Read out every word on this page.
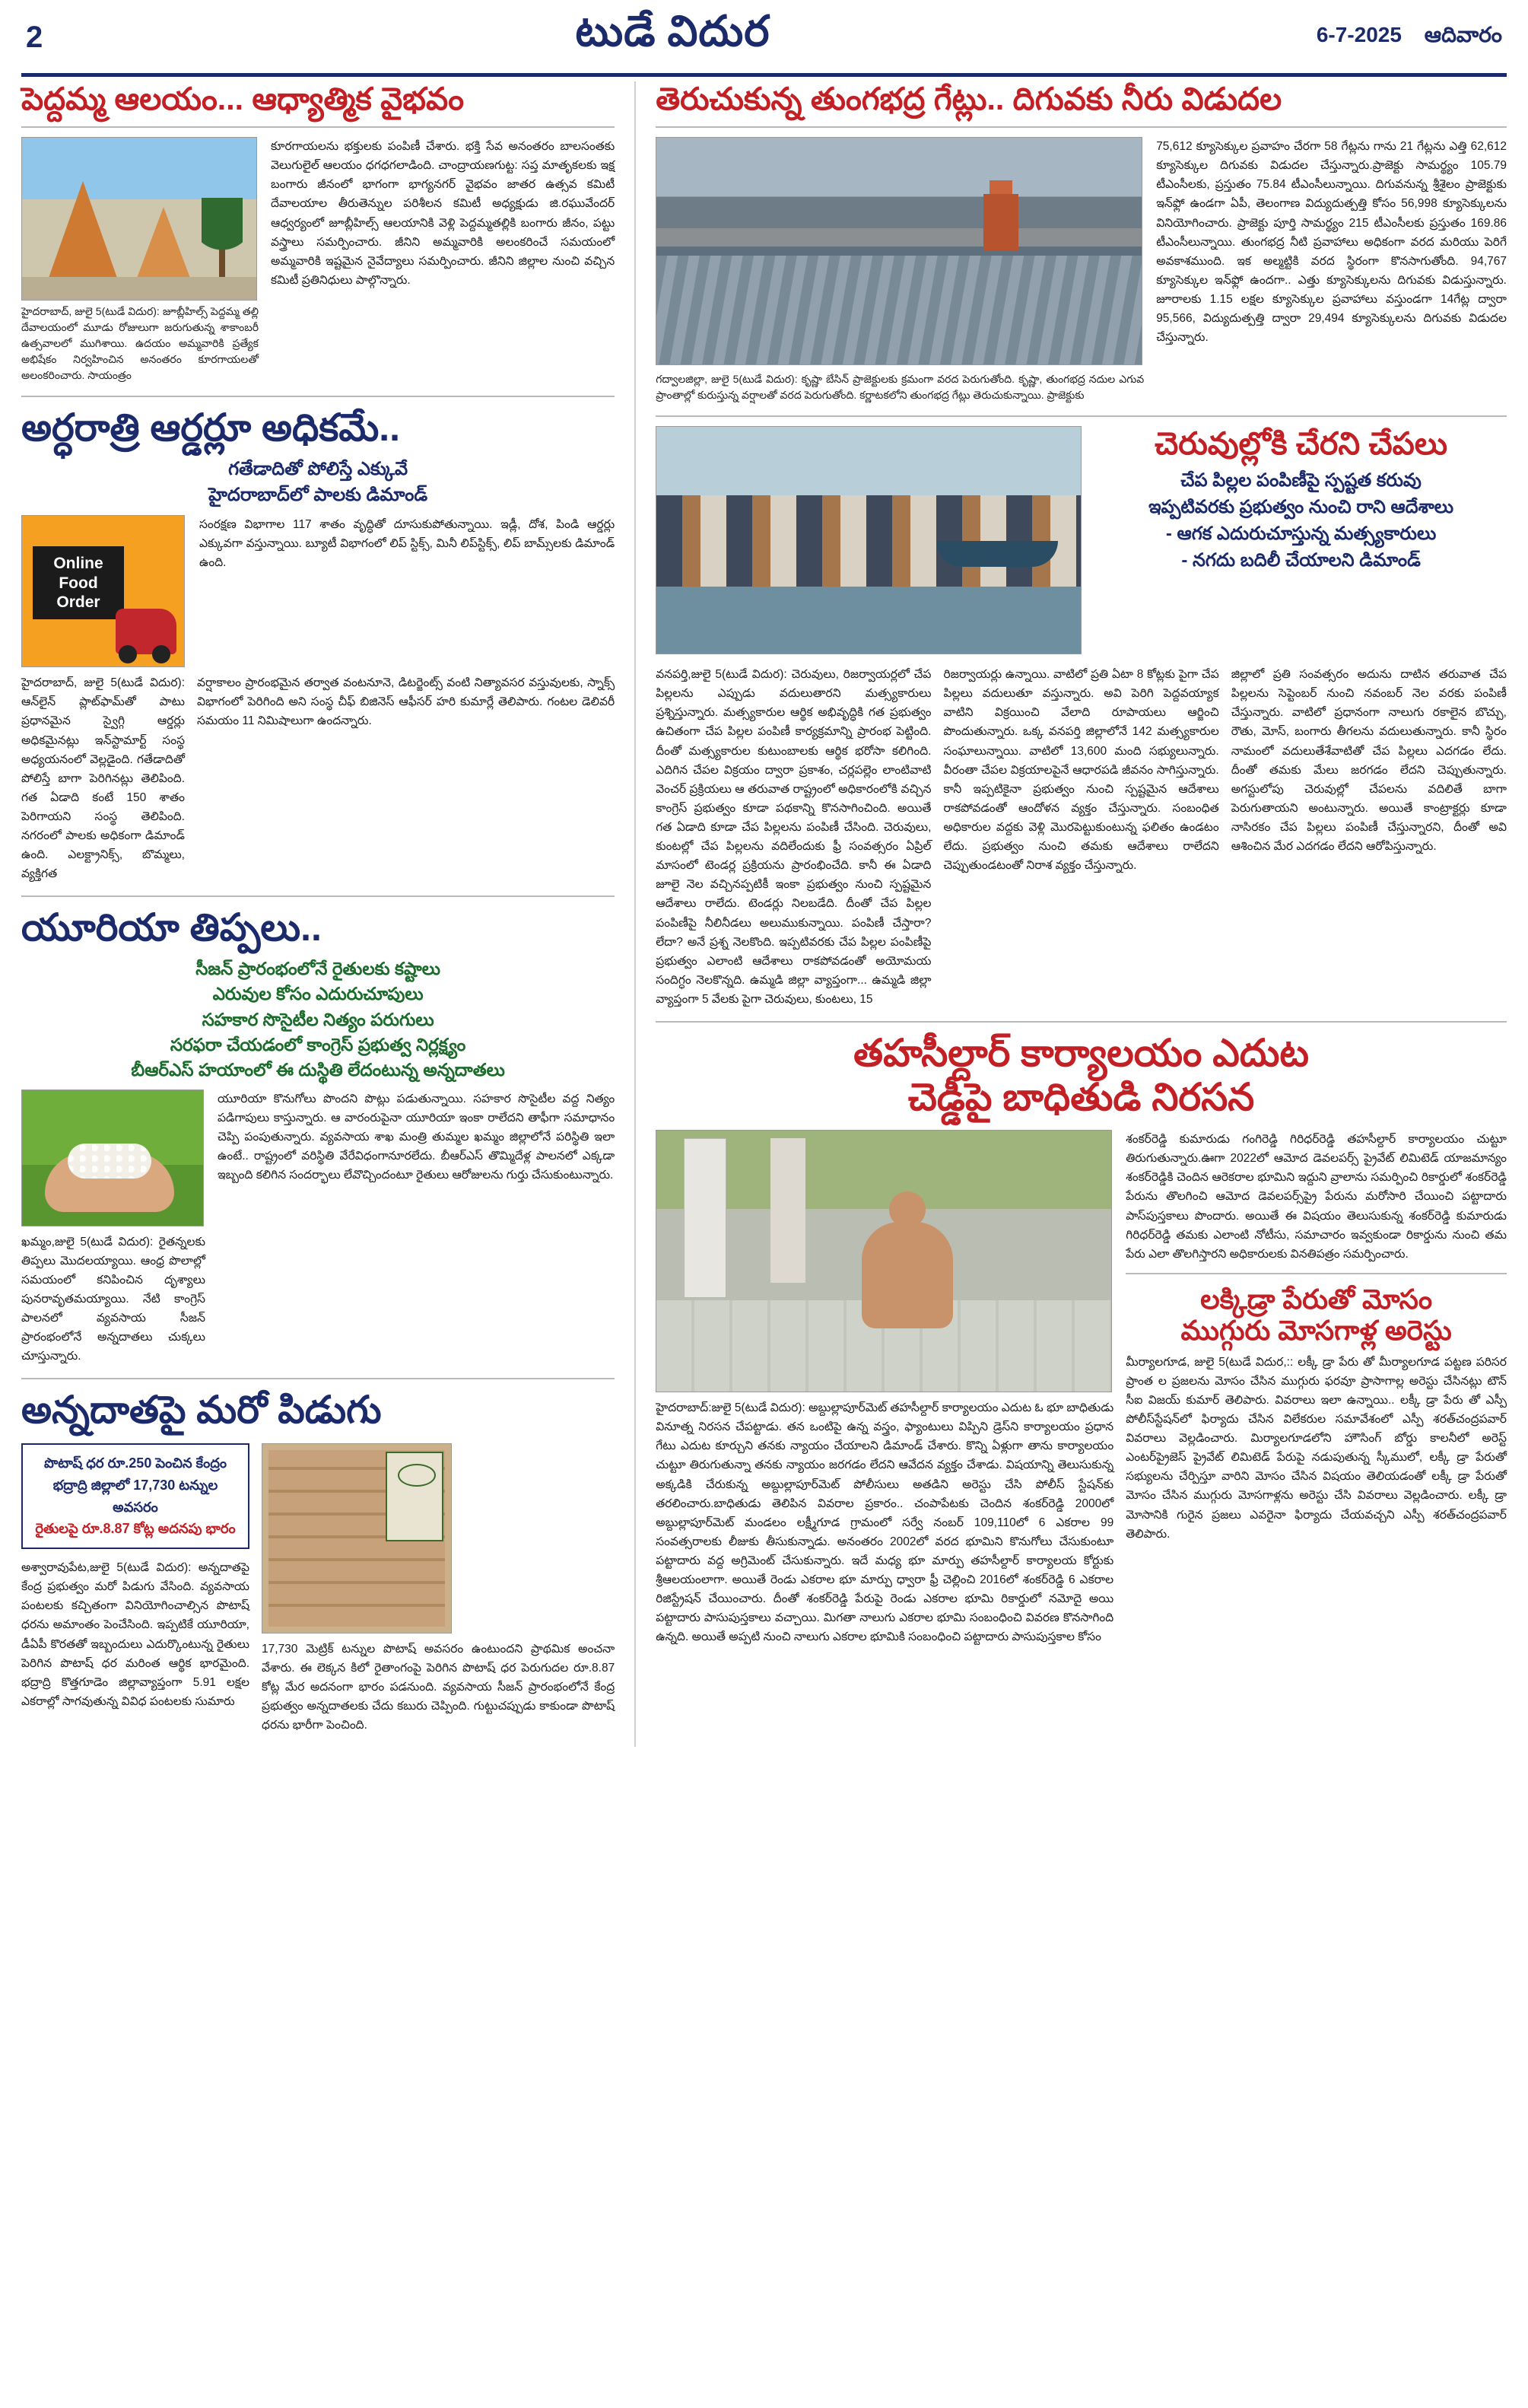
2	టుడే విదుర	6-7-2025 ఆదివారం
పెద్దమ్మ ఆలయం... ఆధ్యాత్మిక వైభవం
హైదరాబాద్, జులై 5(టుడే విదుర): జూబ్లీహిల్స్ పెద్దమ్మ తల్లి దేవాలయంలో మూడు రోజులుగా జరుగుతున్న శాకాంబరీ ఉత్సవాలలో ముగిశాయి. ఉదయం అమ్మవారికి ప్రత్యేక అభిషేకం నిర్వహించిన అనంతరం కూరగాయలతో అలంకరించారు. సాయంత్రం
కూరగాయలను భక్తులకు పంపిణీ చేశారు. భక్తి సేవ అనంతరం బాలసంతకు వెలుగులైల్ ఆలయం ధగధగలాడింది. చాంద్రాయణగుట్ట: సప్త మాతృకలకు ఇక్ష బంగారు జీనంలో భాగంగా భాగ్యనగర్ వైభవం జాతర ఉత్సవ కమిటీ దేవాలయాల తీరుతెన్నుల పరిశీలన కమిటీ అధ్యక్షుడు జి.రఘువేందర్ ఆధ్వర్యంలో జూబ్లీహిల్స్ ఆలయానికి వెళ్లి పెద్దమ్మతల్లికి బంగారు జీనం, పట్టు వస్త్రాలు సమర్పించారు. జీనిని అమ్మవారికి అలంకరించే సమయంలో అమ్మవారికి ఇష్టమైన నైవేద్యాలు సమర్పించారు. జీనిని జిల్లాల నుంచి వచ్చిన కమిటీ ప్రతినిధులు పాల్గొన్నారు.
అర్ధరాత్రి ఆర్డర్లూ అధికమే..
గతేడాదితో పోలిస్తే ఎక్కువే
హైదరాబాద్‌లో పాలకు డిమాండ్
Online Food Order
సంరక్షణ విభాగాల 117 శాతం వృద్ధితో దూసుకుపోతున్నాయి. ఇడ్లీ, దోశ, పిండి ఆర్డర్లు ఎక్కువగా వస్తున్నాయి. బ్యూటీ విభాగంలో లిప్ స్టిక్స్, మినీ లిప్‌స్టిక్స్, లిప్ బామ్స్‌లకు డిమాండ్ ఉంది.
హైదరాబాద్, జులై 5(టుడే విదుర): ఆన్‌లైన్ ప్లాట్‌ఫామ్‌తో పాటు ప్రధానమైన స్వైగ్గి ఆర్డర్లు అధికమైనట్లు ఇన్‌స్టామార్ట్ సంస్థ అధ్యయనంలో వెల్లడైంది. గతేడాదితో పోలిస్తే బాగా పెరిగినట్లు తెలిపింది. గత ఏడాది కంటే 150 శాతం పెరిగాయని సంస్థ తెలిపింది. నగరంలో పాలకు అధికంగా డిమాండ్ ఉంది. ఎలక్ట్రానిక్స్, బొమ్మలు, వ్యక్తిగత
వర్షాకాలం ప్రారంభమైన తర్వాత వంటనూనె, డిటర్జెంట్స్ వంటి నిత్యావసర వస్తువులకు, స్నాక్స్ విభాగంలో పెరిగింది అని సంస్థ చీఫ్ బిజినెస్ ఆఫీసర్ హరి కుమార్లే తెలిపారు. గంటల డెలివరీ సమయం 11 నిమిషాలుగా ఉందన్నారు.
యూరియా తిప్పలు..
సీజన్ ప్రారంభంలోనే రైతులకు కష్టాలు
ఎరువుల కోసం ఎదురుచూపులు
సహకార సొసైటీల నిత్యం పరుగులు
సరఫరా చేయడంలో కాంగ్రెస్ ప్రభుత్వ నిర్లక్ష్యం
బీఆర్ఎస్ హయాంలో ఈ దుస్థితి లేదంటున్న అన్నదాతలు
ఖమ్మం,జులై 5(టుడే విదుర): రైతన్నలకు తిప్పలు మొదలయ్యాయి. ఆంధ్ర పొలాల్లో సమయంలో కనిపించిన దృశ్యాలు పునరావృతమయ్యాయి. నేటి కాంగ్రెస్ పాలనలో వ్యవసాయ సీజన్ ప్రారంభంలోనే అన్నదాతలు చుక్కలు చూస్తున్నారు.
యూరియా కొనుగోలు పొందని పొట్లు పడుతున్నాయి. సహకార సొసైటీల వద్ద నిత్యం పడిగాపులు కాస్తున్నారు. ఆ వారంరుపైనా యూరియా ఇంకా రాలేదని తాఫీగా సమాధానం చెప్పి పంపుతున్నారు. వ్యవసాయ శాఖ మంత్రి తుమ్మల ఖమ్మం జిల్లాలోనే పరిస్థితి ఇలా ఉంటే.. రాష్ట్రంలో వరిస్థితి వేరేవిధంగానూరలేదు. బీఆర్ఎస్ తొమ్మిదేళ్ల పాలనలో ఎక్కడా ఇబ్బంది కలిగిన సందర్భాలు లేవొచ్చిందంటూ రైతులు ఆరోజులను గుర్తు చేసుకుంటున్నారు.
అన్నదాతపై మరో పిడుగు
పొటాష్ ధర రూ.250 పెంచిన కేంద్రం
భద్రాద్రి జిల్లాలో 17,730 టన్నుల అవసరం
రైతులపై రూ.8.87 కోట్ల అదనపు భారం
అశ్వారావుపేట,జులై 5(టుడే విదుర): అన్నదాతపై కేంద్ర ప్రభుత్వం మరో పిడుగు వేసింది. వ్యవసాయ పంటలకు కచ్చితంగా వినియోగించాల్సిన పొటాష్ ధరను అమాంతం పెంచేసింది. ఇప్పటికే యూరియా, డీఏపీ కొరతతో ఇబ్బందులు ఎదుర్కొంటున్న రైతులు పెరిగిన పొటాష్ ధర మరింత ఆర్థిక భారమైంది. భద్రాద్రి కొత్తగూడెం జిల్లావ్యాప్తంగా 5.91 లక్షల ఎకరాల్లో సాగవుతున్న వివిధ పంటలకు సుమారు
17,730 మెట్రిక్ టన్నుల పొటాష్ అవసరం ఉంటుందని ప్రాథమిక అంచనా వేశారు. ఈ లెక్కన కిలో రైతాంగంపై పెరిగిన పొటాష్ ధర పెరుగుదల రూ.8.87 కోట్ల మేర అదనంగా భారం పడనుంది. వ్యవసాయ సీజన్ ప్రారంభంలోనే కేంద్ర ప్రభుత్వం అన్నదాతలకు చేదు కబురు చెప్పింది. గుట్టుచప్పుడు కాకుండా పొటాష్ ధరను భారీగా పెంచింది.
తెరుచుకున్న తుంగభద్ర గేట్లు.. దిగువకు నీరు విడుదల
గద్వాలజిల్లా, జులై 5(టుడే విదుర): కృష్ణా బేసిన్ ప్రాజెక్టులకు క్రమంగా వరద పెరుగుతోంది. కృష్ణా, తుంగభద్ర నదుల ఎగువ ప్రాంతాల్లో కురుస్తున్న వర్షాలతో వరద పెరుగుతోంది. కర్ణాటకలోని తుంగభద్ర గేట్లు తెరుచుకున్నాయి. ప్రాజెక్టుకు
75,612 క్యూసెక్కుల ప్రవాహం చేరగా 58 గేట్లను గాను 21 గేట్లను ఎత్తి 62,612 క్యూసెక్కుల దిగువకు విడుదల చేస్తున్నారు.ప్రాజెక్టు సామర్థ్యం 105.79 టీఎంసీలకు, ప్రస్తుతం 75.84 టీఎంసీలున్నాయి. దిగువనున్న శ్రీశైలం ప్రాజెక్టుకు ఇన్‌ఫ్లో ఉండగా ఏపీ, తెలంగాణ విద్యుదుత్పత్తి కోసం 56,998 క్యూసెక్కులను వినియోగించారు. ప్రాజెక్టు పూర్తి సామర్థ్యం 215 టీఎంసీలకు ప్రస్తుతం 169.86 టీఎంసీలున్నాయి. తుంగభద్ర నీటి ప్రవాహాలు అధికంగా వరద మరియు పెరిగే అవకాశముంది. ఇక అల్మట్టికి వరద స్థిరంగా కొనసాగుతోంది. 94,767 క్యూసెక్కుల ఇన్‌ఫ్లో ఉందగా.. ఎత్తు క్యూసెక్కులను దిగువకు విడుస్తున్నారు. జూరాలకు 1.15 లక్షల క్యూసెక్కుల ప్రవాహాలు వస్తుండగా 14గేట్ల ద్వారా 95,566, విద్యుదుత్పత్తి ద్వారా 29,494 క్యూసెక్కులను దిగువకు విడుదల చేస్తున్నారు.
చెరువుల్లోకి చేరని చేపలు
చేప పిల్లల పంపిణీపై స్పష్టత కరువు
ఇప్పటివరకు ప్రభుత్వం నుంచి రాని ఆదేశాలు
- ఆగక ఎదురుచూస్తున్న మత్స్యకారులు
- నగదు బదిలీ చేయాలని డిమాండ్
వనపర్తి,జులై 5(టుడే విదుర): చెరువులు, రిజర్వాయర్లలో చేప పిల్లలను ఎప్పుడు వదులుతారని మత్స్యకారులు ప్రశ్నిస్తున్నారు. మత్స్యకారుల ఆర్థిక అభివృద్ధికి గత ప్రభుత్వం ఉచితంగా చేప పిల్లల పంపిణీ కార్యక్రమాన్ని ప్రారంభ పెట్టింది. దీంతో మత్స్యకారుల కుటుంబాలకు ఆర్థిక భరోసా కలిగింది. ఎదిగిన చేపల విక్రయం ద్వారా ప్రకాశం, చర్లపల్లెం లాంటివాటి వెంచర్ ప్రక్రియలు ఆ తరువాత రాష్ట్రంలో అధికారంలోకి వచ్చిన కాంగ్రెస్ ప్రభుత్వం కూడా పథకాన్ని కొనసాగించింది. అయితే గత ఏడాది కూడా చేప పిల్లలను పంపిణీ చేసింది. చెరువులు, కుంటల్లో చేప పిల్లలను వదిలేందుకు ఫ్రీ సంవత్సరం ఏప్రిల్ మాసంలో టెండర్ల ప్రక్రియను ప్రారంభించేది. కానీ ఈ ఏడాది జూలై నెల వచ్చినప్పటికీ ఇంకా ప్రభుత్వం నుంచి స్పష్టమైన ఆదేశాలు రాలేదు. టెండర్లు నిలబడేది. దీంతో చేప పిల్లల పంపిణీపై నీలినీడలు అలుముకున్నాయి. పంపిణీ చేస్తారా? లేదా? అనే ప్రశ్న నెలకొంది. ఇప్పటివరకు చేప పిల్లల పంపిణీపై ప్రభుత్వం ఎలాంటి ఆదేశాలు రాకపోవడంతో అయోమయ సందిగ్ధం నెలకొన్నది. ఉమ్మడి జిల్లా వ్యాప్తంగా... ఉమ్మడి జిల్లా వ్యాప్తంగా 5 వేలకు పైగా చెరువులు, కుంటలు, 15
రిజర్వాయర్లు ఉన్నాయి. వాటిలో ప్రతి ఏటా 8 కోట్లకు పైగా చేప పిల్లలు వదులుతూ వస్తున్నారు. అవి పెరిగి పెద్దవయ్యాక వాటిని విక్రయించి వేలాది రూపాయలు ఆర్జించి పొందుతున్నారు. ఒక్క వనపర్తి జిల్లాలోనే 142 మత్స్యకారుల సంఘాలున్నాయి. వాటిలో 13,600 మంది సభ్యులున్నారు. వీరంతా చేపల విక్రయాలపైనే ఆధారపడి జీవనం సాగిస్తున్నారు. కానీ ఇప్పటికైనా ప్రభుత్వం నుంచి స్పష్టమైన ఆదేశాలు రాకపోవడంతో ఆందోళన వ్యక్తం చేస్తున్నారు. సంబంధిత అధికారుల వద్దకు వెళ్లి మొరపెట్టుకుంటున్న ఫలితం ఉండటం లేదు. ప్రభుత్వం నుంచి తమకు ఆదేశాలు రాలేదని చెప్పుతుండటంతో నిరాశ వ్యక్తం చేస్తున్నారు.
జిల్లాలో ప్రతి సంవత్సరం అదును దాటిన తరువాత చేప పిల్లలను సెప్టెంబర్ నుంచి నవంబర్ నెల వరకు పంపిణీ చేస్తున్నారు. వాటిలో ప్రధానంగా నాలుగు రకాలైన బొచ్చు, రౌతు, మోస్, బంగారు తీగలను వదులుతున్నారు. కానీ స్థిరం నామంలో వదులుతేశేవాటితో చేప పిల్లలు ఎదగడం లేదు. దీంతో తమకు మేలు జరగడం లేదని చెప్పుతున్నారు. అగస్టులోపు చెరువుల్లో చేపలను వదిలితే బాగా పెరుగుతాయని అంటున్నారు. అయితే కాంట్రాక్టర్లు కూడా నాసిరకం చేప పిల్లలు పంపిణీ చేస్తున్నారని, దీంతో అవి ఆశించిన మేర ఎదగడం లేదని ఆరోపిస్తున్నారు.
తహసీల్దార్ కార్యాలయం ఎదుట
చెడ్డీపై బాధితుడి నిరసన
హైదరాబాద్:జులై 5(టుడే విదుర): అబ్దుల్లాపూర్‌మెట్ తహసీల్దార్ కార్యాలయం ఎదుట ఓ భూ బాధితుడు వినూత్న నిరసన చేపట్టాడు. తన ఒంటిపై ఉన్న వస్త్రం, ఫ్యాంటులు విప్పిని డ్రెస్‌ని కార్యాలయం ప్రధాన గేటు ఎదుట కూర్చుని తనకు న్యాయం చేయాలని డిమాండ్ చేశారు. కొన్ని ఏళ్లుగా తాను కార్యాలయం చుట్టూ తిరుగుతున్నా తనకు న్యాయం జరగడం లేదని ఆవేదన వ్యక్తం చేశాడు. విషయాన్ని తెలుసుకున్న అక్కడికి చేరుకున్న అబ్దుల్లాపూర్‌మెట్ పోలీసులు అతడిని అరెస్టు చేసి పోలీస్ స్టేషన్‌కు తరలించారు.బాధితుడు తెలిపిన వివరాల ప్రకారం.. చంపాపేటకు చెందిన శంకర్‌రెడ్డి 2000లో అబ్దుల్లాపూర్‌మెట్ మండలం లక్ష్మీగూడ గ్రామంలో సర్వే నంబర్ 109,110లో 6 ఎకరాల 99 సంవత్సరాలకు లీజుకు తీసుకున్నాడు. అనంతరం 2002లో వరద భూమిని కొనుగోలు చేసుకుంటూ పట్టాదారు వద్ద అగ్రిమెంట్ చేసుకున్నారు. ఇదే మధ్య భూ మార్పు తహసీల్దార్ కార్యాలయ కోర్టుకు శ్రీఆలయంలాగా. అయితే రెండు ఎకరాల భూ మార్పు ధ్వారా ఫ్రీ చెల్లించి 2016లో శంకర్‌రెడ్డి 6 ఎకరాల రిజిస్ట్రేషన్ చేయించారు. దీంతో శంకర్‌రెడ్డి పేరుపై రెండు ఎకరాల భూమి రికార్డులో నమోదై అయి పట్టాదారు పాసుపుస్తకాలు వచ్చాయి. మిగతా నాలుగు ఎకరాల భూమి సంబంధించి వివరణ కొనసాగింది ఉన్నది. అయితే అప్పటి నుంచి నాలుగు ఎకరాల భూమికి సంబంధించి పట్టాదారు పాసుపుస్తకాల కోసం
శంకర్‌రెడ్డి కుమారుడు గంగిరెడ్డి గిరిధర్‌రెడ్డి తహసీల్దార్ కార్యాలయం చుట్టూ తిరుగుతున్నారు.ఊగా 2022లో ఆమోద డెవలపర్స్ ప్రైవేట్ లిమిటెడ్ యాజమాన్యం శంకర్‌రెడ్డికి చెందిన ఆరెకరాల భూమిని ఇద్దుని వ్రాలాను సమర్పించి రికార్డులో శంకర్‌రెడ్డి పేరును తొలగించి ఆమోద డెవలపర్స్‌ప్రై పేరును మరోసారి చేయించి పట్టాదారు పాస్‌పుస్తకాలు పొందారు. అయితే ఈ విషయం తెలుసుకున్న శంకర్‌రెడ్డి కుమారుడు గిరిధర్‌రెడ్డి తమకు ఎలాంటి నోటీసు, సమాచారం ఇవ్వకుండా రికార్డును నుంచి తమ పేరు ఎలా తొలగిస్తారని అధికారులకు వినతిపత్రం సమర్పించారు.
లక్కిడ్రా పేరుతో మోసం
ముగ్గురు మోసగాళ్ల అరెస్టు
మీర్యాలగూడ, జులై 5(టుడే విదుర,:: లక్కీ డ్రా పేరు తో మీర్యాలగూడ పట్టణ పరిసర ప్రాంత ల ప్రజలను మోసం చేసిన ముగ్గురు ఫరవూ ప్రాసాగాల్ల అరెస్టు చేసినట్లు టౌన్ సీఐ విజయ్ కుమార్ తెలిపారు. వివరాలు ఇలా ఉన్నాయి.. లక్కీ డ్రా పేరు తో ఎస్పీ పోలీస్‌స్టేషన్‌లో ఫిర్యాదు చేసిన విలేకరుల సమావేశంలో ఎస్పీ శరత్‌చంద్రపవార్ వివరాలు వెల్లడించారు. మిర్యాలగూడలోని హౌసింగ్ బోర్డు కాలనీలో అరెస్ట్ ఎంటర్‌ప్రైజెస్ ప్రైవేట్ లిమిటెడ్ పేరుపై నడుపుతున్న స్కీములో, లక్కీ డ్రా పేరుతో సభ్యులను చేర్పిస్తూ వారిని మోసం చేసిన విషయం తెలియడంతో లక్కీ డ్రా పేరుతో మోసం చేసిన ముగ్గురు మోసగాళ్లను అరెస్టు చేసి వివరాలు వెల్లడించారు. లక్కీ డ్రా మోసానికి గురైన ప్రజలు ఎవరైనా ఫిర్యాదు చేయవచ్చని ఎస్పీ శరత్‌చంద్రపవార్ తెలిపారు.
